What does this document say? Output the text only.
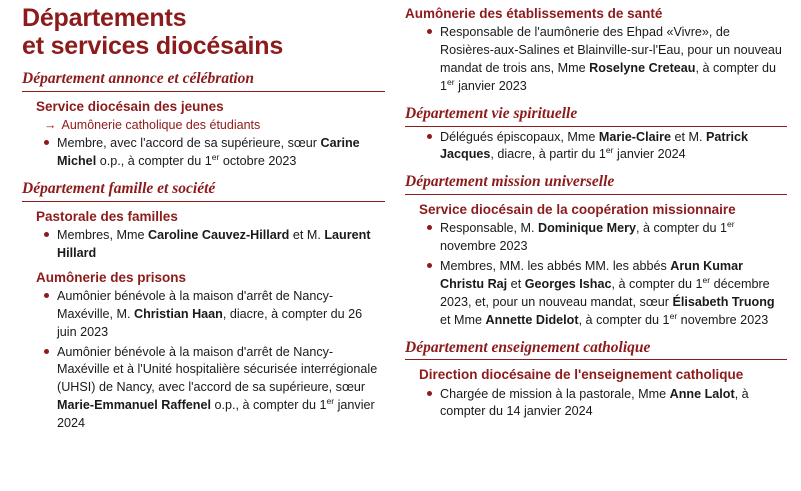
Départements
et services diocésains
Département annonce et célébration
Service diocésain des jeunes
→ Aumônerie catholique des étudiants

Membre, avec l'accord de sa supérieure, sœur Carine Michel o.p., à compter du 1er octobre 2023

Département famille et société
Pastorale des familles

Membres, Mme Caroline Cauvez-Hillard et M. Laurent Hillard

Aumônerie des prisons

Aumônier bénévole à la maison d'arrêt de Nancy-Maxéville, M. Christian Haan, diacre, à compter du 26 juin 2023

Aumônier bénévole à la maison d'arrêt de Nancy-Maxéville et à l'Unité hospitalière sécurisée interrégionale (UHSI) de Nancy, avec l'accord de sa supérieure, sœur Marie-Emmanuel Raffenel o.p., à compter du 1er janvier 2024

Aumônerie des établissements de santé

Responsable de l'aumônerie des Ehpad «Vivre», de Rosières-aux-Salines et Blainville-sur-l'Eau, pour un nouveau mandat de trois ans, Mme Roselyne Creteau, à compter du 1er janvier 2023

Département vie spirituelle

Délégués épiscopaux, Mme Marie-Claire et M. Patrick Jacques, diacre, à partir du 1er janvier 2024

Département mission universelle
Service diocésain de la coopération missionnaire

Responsable, M. Dominique Mery, à compter du 1er novembre 2023

Membres, MM. les abbés MM. les abbés Arun Kumar Christu Raj et Georges Ishac, à compter du 1er décembre 2023, et, pour un nouveau mandat, sœur Élisabeth Truong et Mme Annette Didelot, à compter du 1er novembre 2023

Département enseignement catholique
Direction diocésaine de l'enseignement catholique

Chargée de mission à la pastorale, Mme Anne Lalot, à compter du 14 janvier 2024
